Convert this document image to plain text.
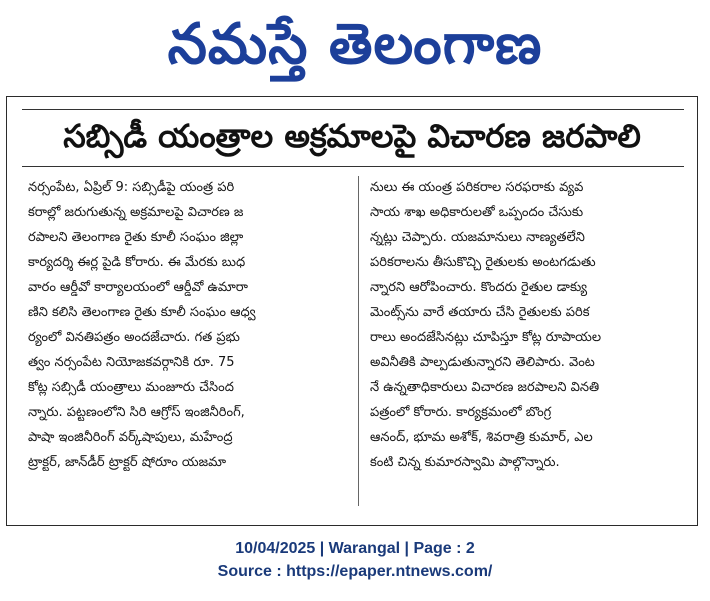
నమస్తే తెలంగాణ
సబ్సిడీ యంత్రాల అక్రమాలపై విచారణ జరపాలి
నర్సంపేట, ఏప్రిల్ 9: సబ్సిడీపై యంత్ర పరి
కరాల్లో జరుగుతున్న అక్రమాలపై విచారణ జ
రపాలని తెలంగాణ రైతు కూలీ సంఘం జిల్లా
కార్యదర్శి ఈర్ల పైడి కోరారు. ఈ మేరకు బుధ
వారం ఆర్డీవో కార్యాలయంలో ఆర్డీవో ఉమారా
ణిని కలిసి తెలంగాణ రైతు కూలీ సంఘం ఆధ్వ
ర్యంలో వినతిపత్రం అందజేచారు. గత ప్రభు
త్వం నర్సంపేట నియోజకవర్గానికి రూ. 75
కోట్ల సబ్సిడీ యంత్రాలు మంజూరు చేసింద
న్నారు. పట్టణంలోని సిరి ఆగ్రోస్ ఇంజినీరింగ్,
పాషా ఇంజినీరింగ్ వర్క్‌షాపులు, మహేంద్ర
ట్రాక్టర్, జాన్‌డీర్ ట్రాక్టర్ షోరూం యజమా
నులు ఈ యంత్ర పరికరాల సరఫరాకు వ్యవ
సాయ శాఖ అధికారులతో ఒప్పందం చేసుకు
న్నట్లు చెప్పారు. యజమానులు నాణ్యతలేని
పరికరాలను తీసుకొచ్చి రైతులకు అంటగడుతు
న్నారని ఆరోపించారు. కొందరు రైతుల డాక్యు
మెంట్స్‌ను వారే తయారు చేసి రైతులకు పరిక
రాలు అందజేసినట్లు చూపిస్తూ కోట్ల రూపాయల
అవినీతికి పాల్పడుతున్నారని తెలిపారు. వెంట
నే ఉన్నతాధికారులు విచారణ జరపాలని వినతి
పత్రంలో కోరారు. కార్యక్రమంలో బొంగ్ర
ఆనంద్, భూమ అశోక్, శివరాత్రి కుమార్, ఎల
కంటి చిన్న కుమారస్వామి పాల్గొన్నారు.
10/04/2025 | Warangal | Page : 2
Source : https://epaper.ntnews.com/
